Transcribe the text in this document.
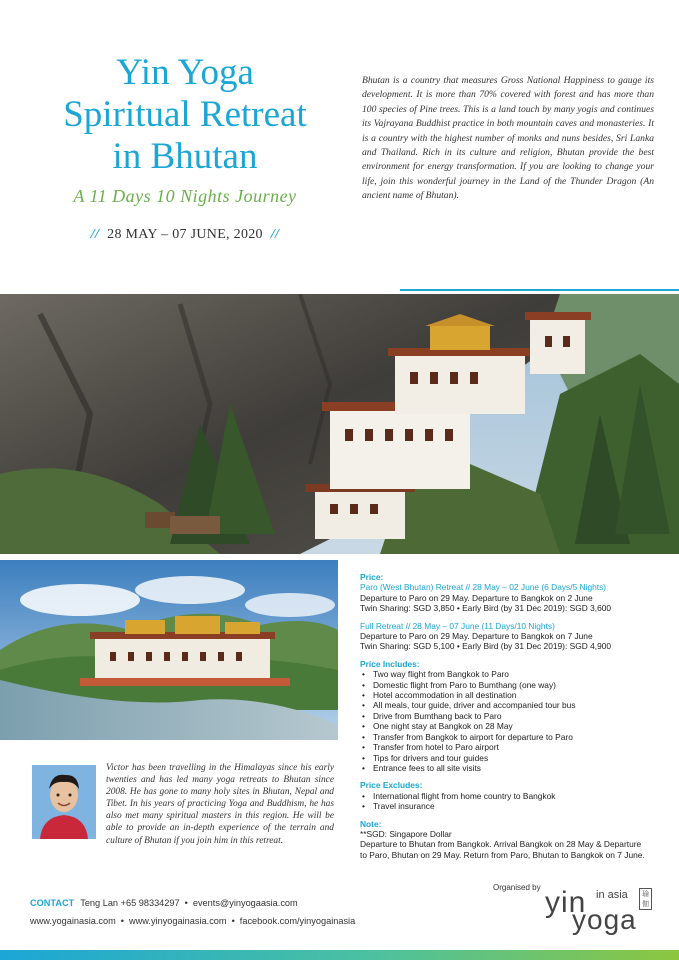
Yin Yoga
Spiritual Retreat
in Bhutan
A 11 Days 10 Nights Journey
// 28 MAY – 07 JUNE, 2020 //

Bhutan is a country that measures Gross National Happiness to gauge its development. It is more than 70% covered with forest and has more than 100 species of Pine trees. This is a land touch by many yogis and continues its Vajrayana Buddhist practice in both mountain caves and monasteries. It is a country with the highest number of monks and nuns besides, Sri Lanka and Thailand. Rich in its culture and religion, Bhutan provide the best environment for energy transformation. If you are looking to change your life, join this wonderful journey in the Land of the Thunder Dragon (An ancient name of Bhutan).

Price:
Paro (West Bhutan) Retreat // 28 May – 02 June (6 Days/5 Nights)
Departure to Paro on 29 May. Departure to Bangkok on 2 June
Twin Sharing: SGD 3,850 • Early Bird (by 31 Dec 2019): SGD 3,600
Full Retreat // 28 May – 07 June (11 Days/10 Nights)
Departure to Paro on 29 May. Departure to Bangkok on 7 June
Twin Sharing: SGD 5,100 • Early Bird (by 31 Dec 2019): SGD 4,900
Price Includes:
• Two way flight from Bangkok to Paro
• Domestic flight from Paro to Bumthang (one way)
• Hotel accommodation in all destination
• All meals, tour guide, driver and accompanied tour bus
• Drive from Bumthang back to Paro
• One night stay at Bangkok on 28 May
• Transfer from Bangkok to airport for departure to Paro
• Transfer from hotel to Paro airport
• Tips for drivers and tour guides
• Entrance fees to all site visits
Price Excludes:
• International flight from home country to Bangkok
• Travel insurance
Note:
**SGD: Singapore Dollar
Departure to Bhutan from Bangkok. Arrival Bangkok on 28 May & Departure
to Paro, Bhutan on 29 May. Return from Paro, Bhutan to Bangkok on 7 June.

Victor has been travelling in the Himalayas since his early twenties and has led many yoga retreats to Bhutan since 2008. He has gone to many holy sites in Bhutan, Nepal and Tibet. In his years of practicing Yoga and Buddhism, he has also met many spiritual masters in this region. He will be able to provide an in-depth experience of the terrain and culture of Bhutan if you join him in this retreat.

CONTACT Teng Lan +65 98334297 • events@yinyogaasia.com
www.yogainasia.com • www.yinyogainasia.com • facebook.com/yinyogainasia
Organised by yin in asia
yoga
瑜伽
